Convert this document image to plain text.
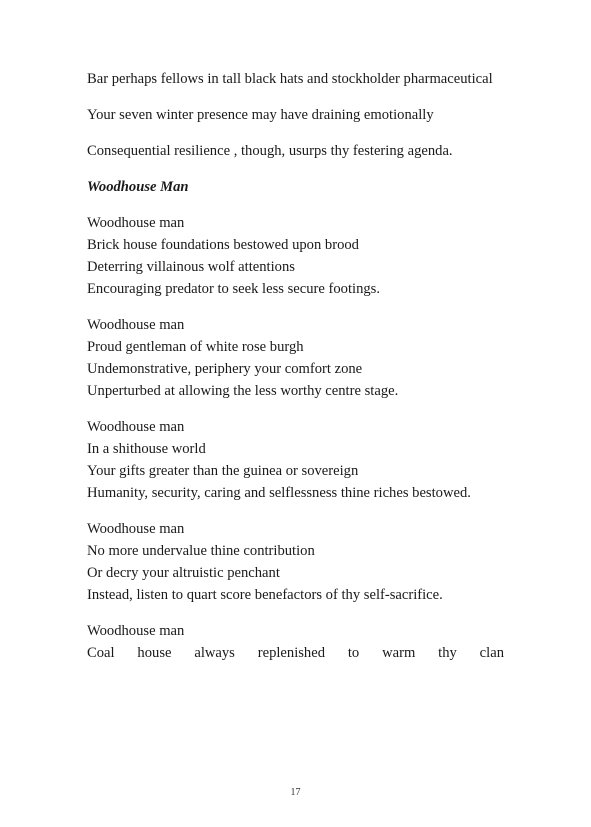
Bar perhaps fellows in tall black hats and stockholder pharmaceutical

Your seven winter presence may have draining emotionally

Consequential resilience , though, usurps thy festering agenda.

Woodhouse Man

Woodhouse man
Brick house foundations bestowed upon brood
Deterring villainous wolf attentions
Encouraging predator to seek less secure footings.
Woodhouse man
Proud gentleman of white rose burgh
Undemonstrative, periphery your comfort zone
Unperturbed at allowing the less worthy centre stage.
Woodhouse man
In a shithouse world
Your gifts greater than the guinea or sovereign
Humanity, security, caring and selflessness thine riches bestowed.
Woodhouse man
No more undervalue thine contribution
Or decry your altruistic penchant
Instead, listen to quart score benefactors of thy self-sacrifice.
Woodhouse man
Coal house always replenished to warm thy clan
17
